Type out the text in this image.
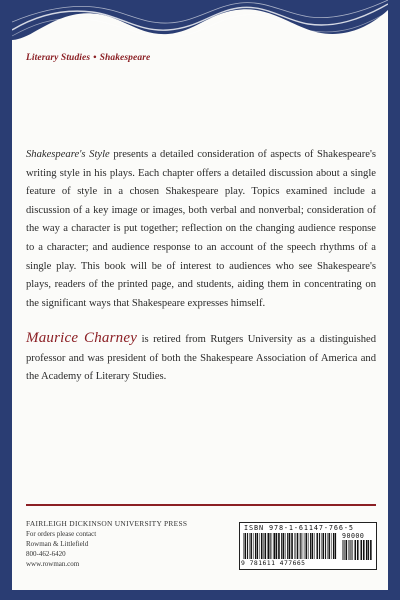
Literary Studies • Shakespeare

Shakespeare's Style presents a detailed consideration of aspects of Shakespeare's writing style in his plays. Each chapter offers a detailed discussion about a single feature of style in a chosen Shakespeare play. Topics examined include a discussion of a key image or images, both verbal and nonverbal; consideration of the way a character is put together; reflection on the changing audience response to a character; and audience response to an account of the speech rhythms of a single play. This book will be of interest to audiences who see Shakespeare's plays, readers of the printed page, and students, aiding them in concentrating on the significant ways that Shakespeare expresses himself.

Maurice Charney is retired from Rutgers University as a distinguished professor and was president of both the Shakespeare Association of America and the Academy of Literary Studies.

FAIRLEIGH DICKINSON UNIVERSITY PRESS
For orders please contact
Rowman & Littlefield
800-462-6420
www.rowman.com
ISBN 978-1-61147-766-5
90000
9 781611 477665
